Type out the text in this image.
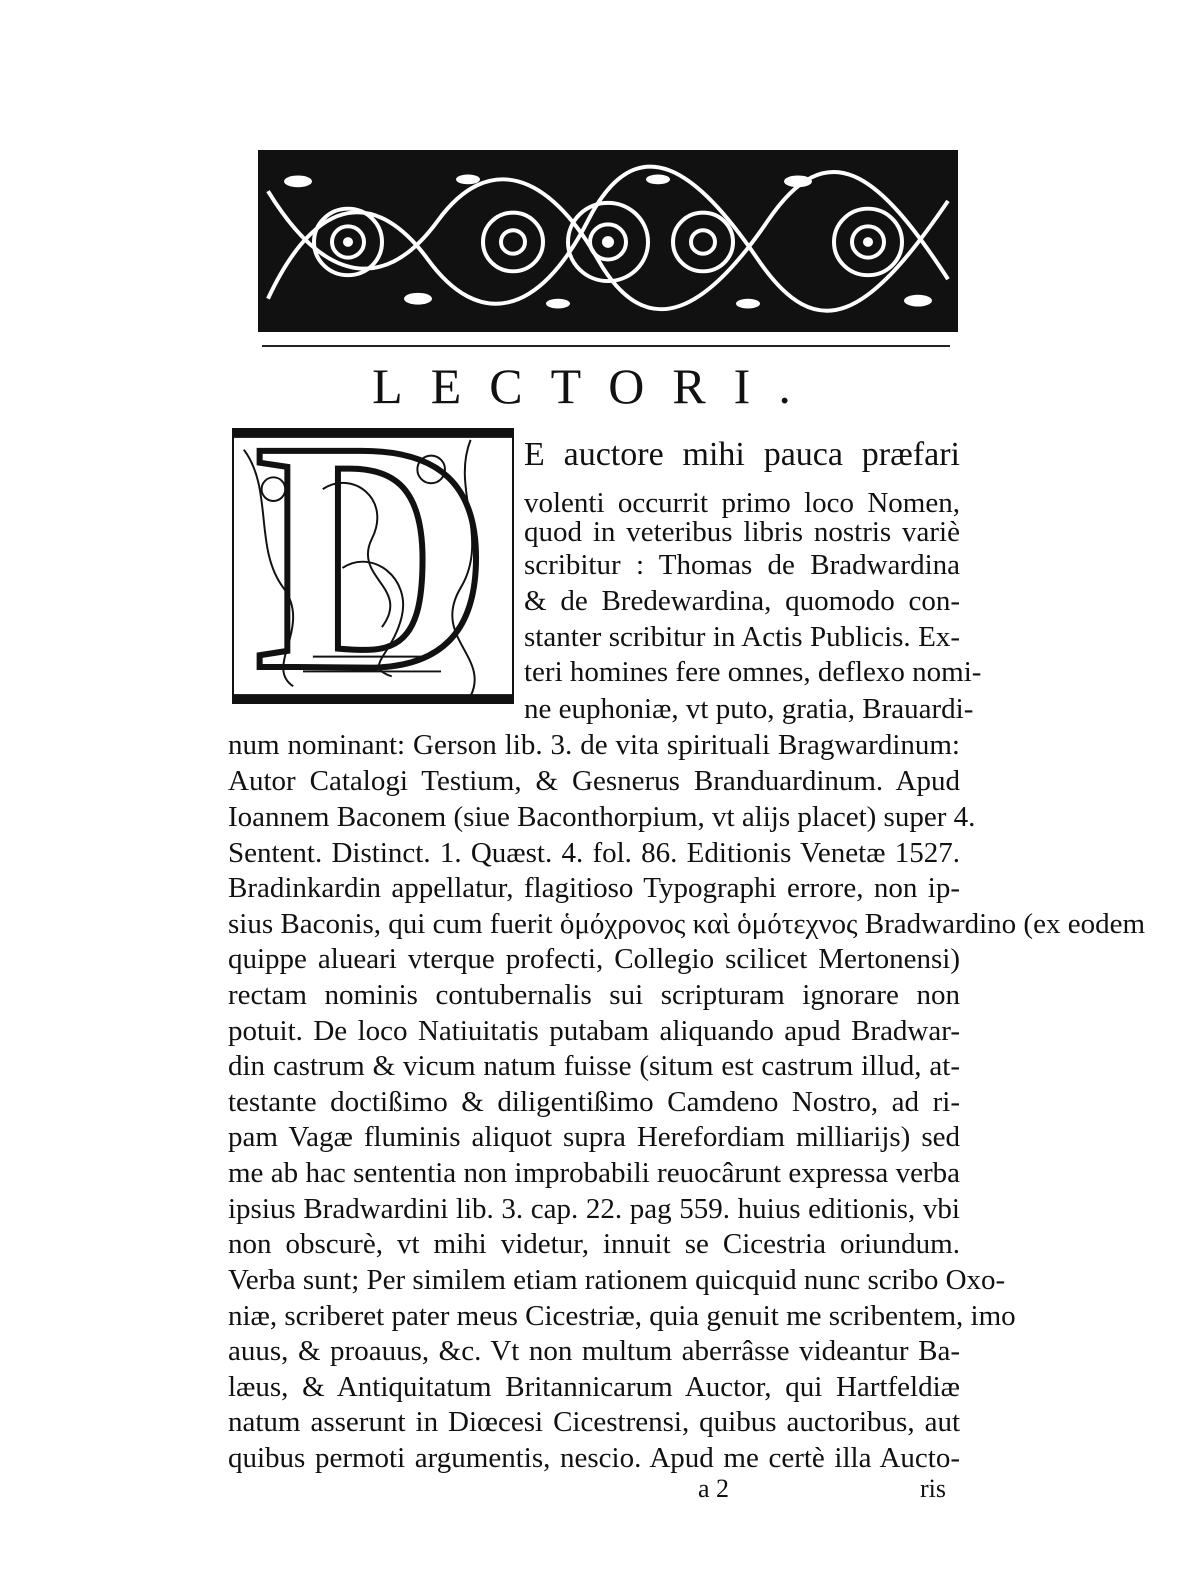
LECTORI.
D E auctore mihi pauca præfari
volenti occurrit primo loco Nomen,
quod in veteribus libris nostris variè
scribitur : Thomas de Bradwardina
& de Bredewardina, quomodo con-
stanter scribitur in Actis Publicis. Ex-
teri homines fere omnes, deflexo nomi-
ne euphoniæ, vt puto, gratia, Brauardi-
num nominant: Gerson lib. 3. de vita spirituali Bragwardinum:
Autor Catalogi Testium, & Gesnerus Branduardinum. Apud
Ioannem Baconem (siue Baconthorpium, vt alijs placet) super 4.
Sentent. Distinct. 1. Quæst. 4. fol. 86. Editionis Venetæ 1527.
Bradinkardin appellatur, flagitioso Typographi errore, non ip-
sius Baconis, qui cum fuerit ὁμόχρονος καὶ ὁμότεχνος Bradwardino (ex eodem
quippe alueari vterque profecti, Collegio scilicet Mertonensi)
rectam nominis contubernalis sui scripturam ignorare non
potuit. De loco Natiuitatis putabam aliquando apud Bradwar-
din castrum & vicum natum fuisse (situm est castrum illud, at-
testante doctißimo & diligentißimo Camdeno Nostro, ad ri-
pam Vagæ fluminis aliquot supra Herefordiam milliarijs) sed
me ab hac sententia non improbabili reuocârunt expressa verba
ipsius Bradwardini lib. 3. cap. 22. pag 559. huius editionis, vbi
non obscurè, vt mihi videtur, innuit se Cicestria oriundum.
Verba sunt; Per similem etiam rationem quicquid nunc scribo Oxo-
niæ, scriberet pater meus Cicestriæ, quia genuit me scribentem, imo
auus, & proauus, &c. Vt non multum aberrâsse videantur Ba-
læus, & Antiquitatum Britannicarum Auctor, qui Hartfeldiæ
natum asserunt in Diœcesi Cicestrensi, quibus auctoribus, aut
quibus permoti argumentis, nescio. Apud me certè illa Aucto-
a 2	ris
